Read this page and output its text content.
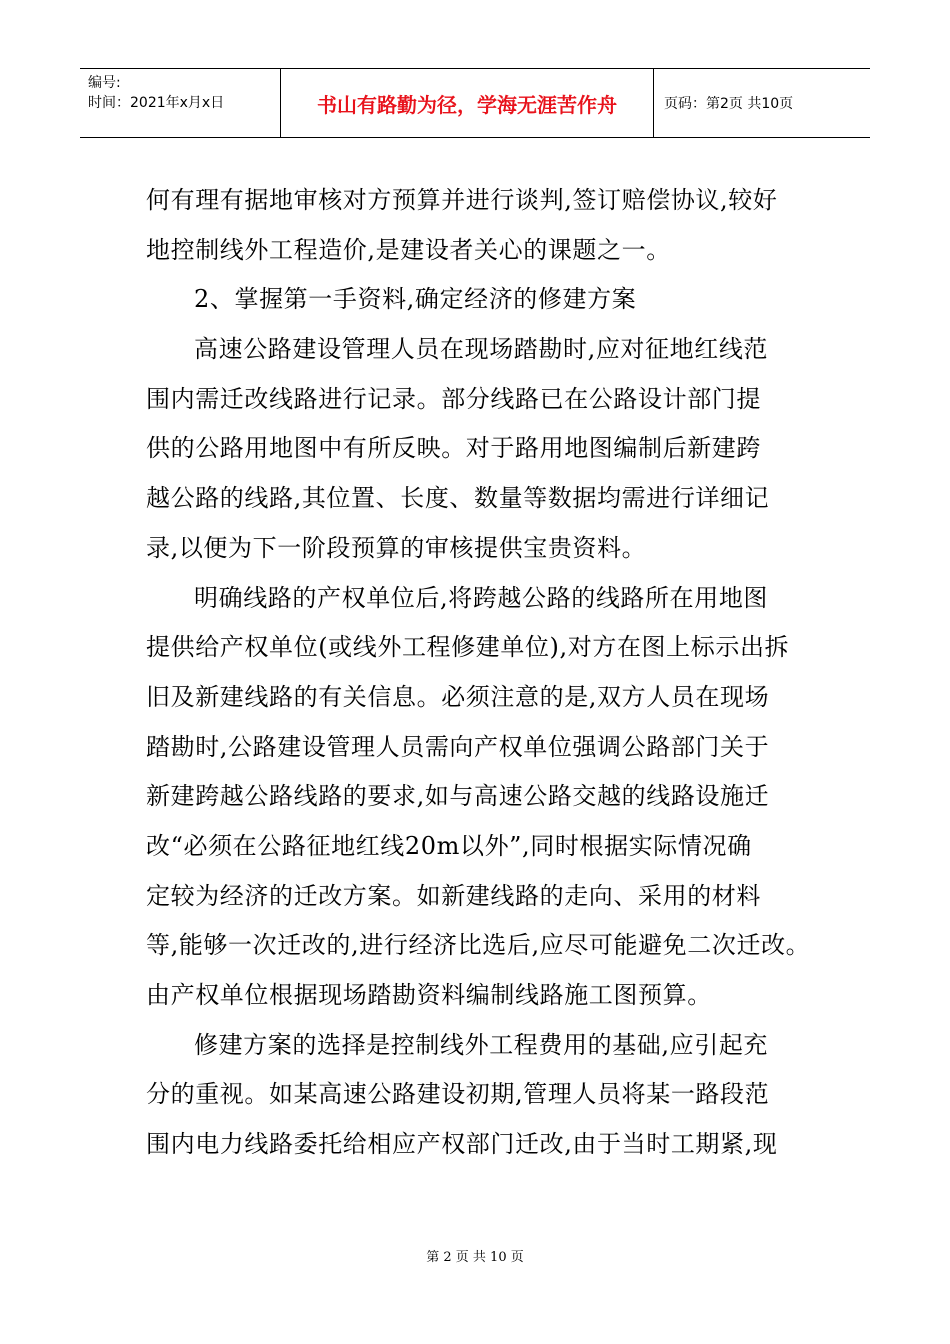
编号:
时间：2021年x月x日	书山有路勤为径，学海无涯苦作舟	页码：第2页 共10页
何有理有据地审核对方预算并进行谈判,签订赔偿协议,较好
地控制线外工程造价,是建设者关心的课题之一。
2、掌握第一手资料,确定经济的修建方案
高速公路建设管理人员在现场踏勘时,应对征地红线范
围内需迁改线路进行记录。部分线路已在公路设计部门提
供的公路用地图中有所反映。对于路用地图编制后新建跨
越公路的线路,其位置、长度、数量等数据均需进行详细记
录,以便为下一阶段预算的审核提供宝贵资料。
明确线路的产权单位后,将跨越公路的线路所在用地图
提供给产权单位(或线外工程修建单位),对方在图上标示出拆
旧及新建线路的有关信息。必须注意的是,双方人员在现场
踏勘时,公路建设管理人员需向产权单位强调公路部门关于
新建跨越公路线路的要求,如与高速公路交越的线路设施迁
改“必须在公路征地红线20m以外”,同时根据实际情况确
定较为经济的迁改方案。如新建线路的走向、采用的材料
等,能够一次迁改的,进行经济比选后,应尽可能避免二次迁改。
由产权单位根据现场踏勘资料编制线路施工图预算。
修建方案的选择是控制线外工程费用的基础,应引起充
分的重视。如某高速公路建设初期,管理人员将某一路段范
围内电力线路委托给相应产权部门迁改,由于当时工期紧,现
第 2 页 共 10 页
